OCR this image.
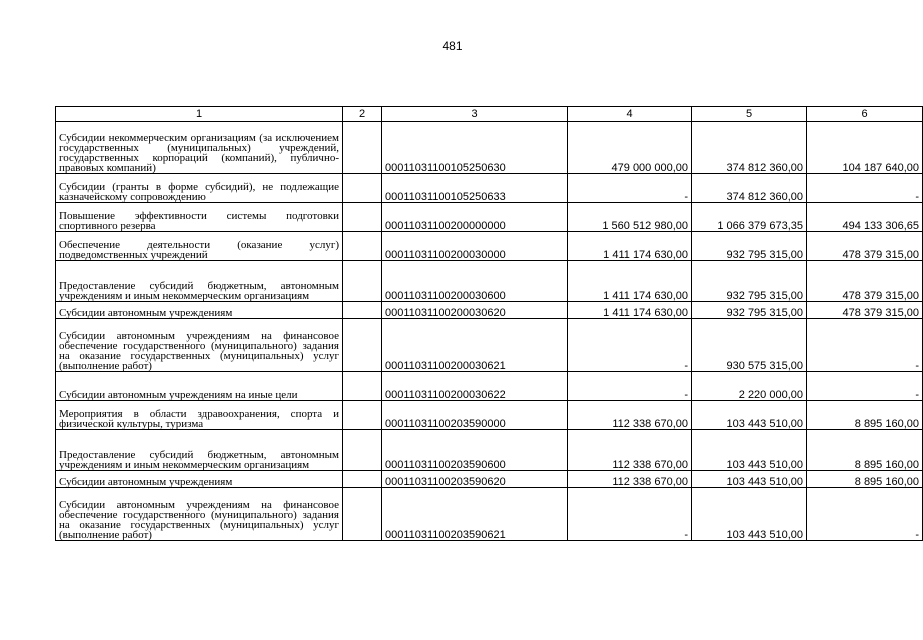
481
1	2	3	4	5	6
Субсидии некоммерческим организациям (за исключением государственных (муниципальных) учреждений, государственных корпораций (компаний), публично-правовых компаний)		00011031100105250630	479 000 000,00	374 812 360,00	104 187 640,00
Субсидии (гранты в форме субсидий), не подлежащие казначейскому сопровождению		00011031100105250633	-	374 812 360,00	-
Повышение эффективности системы подготовки спортивного резерва		00011031100200000000	1 560 512 980,00	1 066 379 673,35	494 133 306,65
Обеспечение деятельности (оказание услуг) подведомственных учреждений		00011031100200030000	1 411 174 630,00	932 795 315,00	478 379 315,00
Предоставление субсидий бюджетным, автономным учреждениям и иным некоммерческим организациям		00011031100200030600	1 411 174 630,00	932 795 315,00	478 379 315,00
Субсидии автономным учреждениям		00011031100200030620	1 411 174 630,00	932 795 315,00	478 379 315,00
Субсидии автономным учреждениям на финансовое обеспечение государственного (муниципального) задания на оказание государственных (муниципальных) услуг (выполнение работ)		00011031100200030621	-	930 575 315,00	-
Субсидии автономным учреждениям на иные цели		00011031100200030622	-	2 220 000,00	-
Мероприятия в области здравоохранения, спорта и физической культуры, туризма		00011031100203590000	112 338 670,00	103 443 510,00	8 895 160,00
Предоставление субсидий бюджетным, автономным учреждениям и иным некоммерческим организациям		00011031100203590600	112 338 670,00	103 443 510,00	8 895 160,00
Субсидии автономным учреждениям		00011031100203590620	112 338 670,00	103 443 510,00	8 895 160,00
Субсидии автономным учреждениям на финансовое обеспечение государственного (муниципального) задания на оказание государственных (муниципальных) услуг (выполнение работ)		00011031100203590621	-	103 443 510,00	-
